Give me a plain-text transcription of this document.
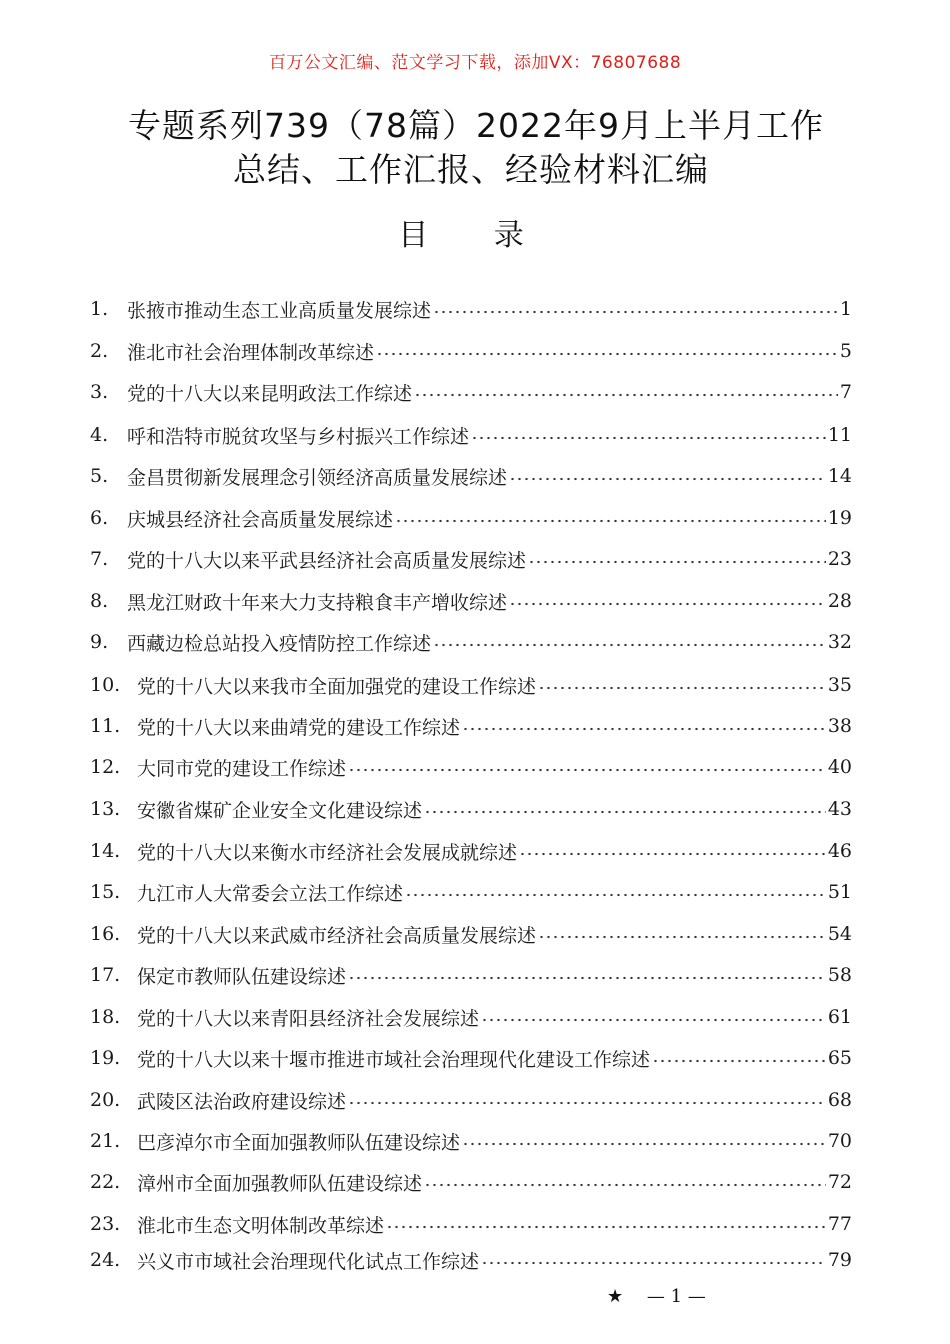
百万公文汇编、范文学习下载，添加VX：76807688
专题系列739（78篇）2022年9月上半月工作
总结、工作汇报、经验材料汇编
目 录
1. 张掖市推动生态工业高质量发展综述	1
2. 淮北市社会治理体制改革综述	5
3. 党的十八大以来昆明政法工作综述	7
4. 呼和浩特市脱贫攻坚与乡村振兴工作综述	11
5. 金昌贯彻新发展理念引领经济高质量发展综述	14
6. 庆城县经济社会高质量发展综述	19
7. 党的十八大以来平武县经济社会高质量发展综述	23
8. 黑龙江财政十年来大力支持粮食丰产增收综述	28
9. 西藏边检总站投入疫情防控工作综述	32
10. 党的十八大以来我市全面加强党的建设工作综述	35
11. 党的十八大以来曲靖党的建设工作综述	38
12. 大同市党的建设工作综述	40
13. 安徽省煤矿企业安全文化建设综述	43
14. 党的十八大以来衡水市经济社会发展成就综述	46
15. 九江市人大常委会立法工作综述	51
16. 党的十八大以来武威市经济社会高质量发展综述	54
17. 保定市教师队伍建设综述	58
18. 党的十八大以来青阳县经济社会发展综述	61
19. 党的十八大以来十堰市推进市域社会治理现代化建设工作综述	65
20. 武陵区法治政府建设综述	68
21. 巴彦淖尔市全面加强教师队伍建设综述	70
22. 漳州市全面加强教师队伍建设综述	72
23. 淮北市生态文明体制改革综述	77
24. 兴义市市域社会治理现代化试点工作综述	79
★ — 1 —
